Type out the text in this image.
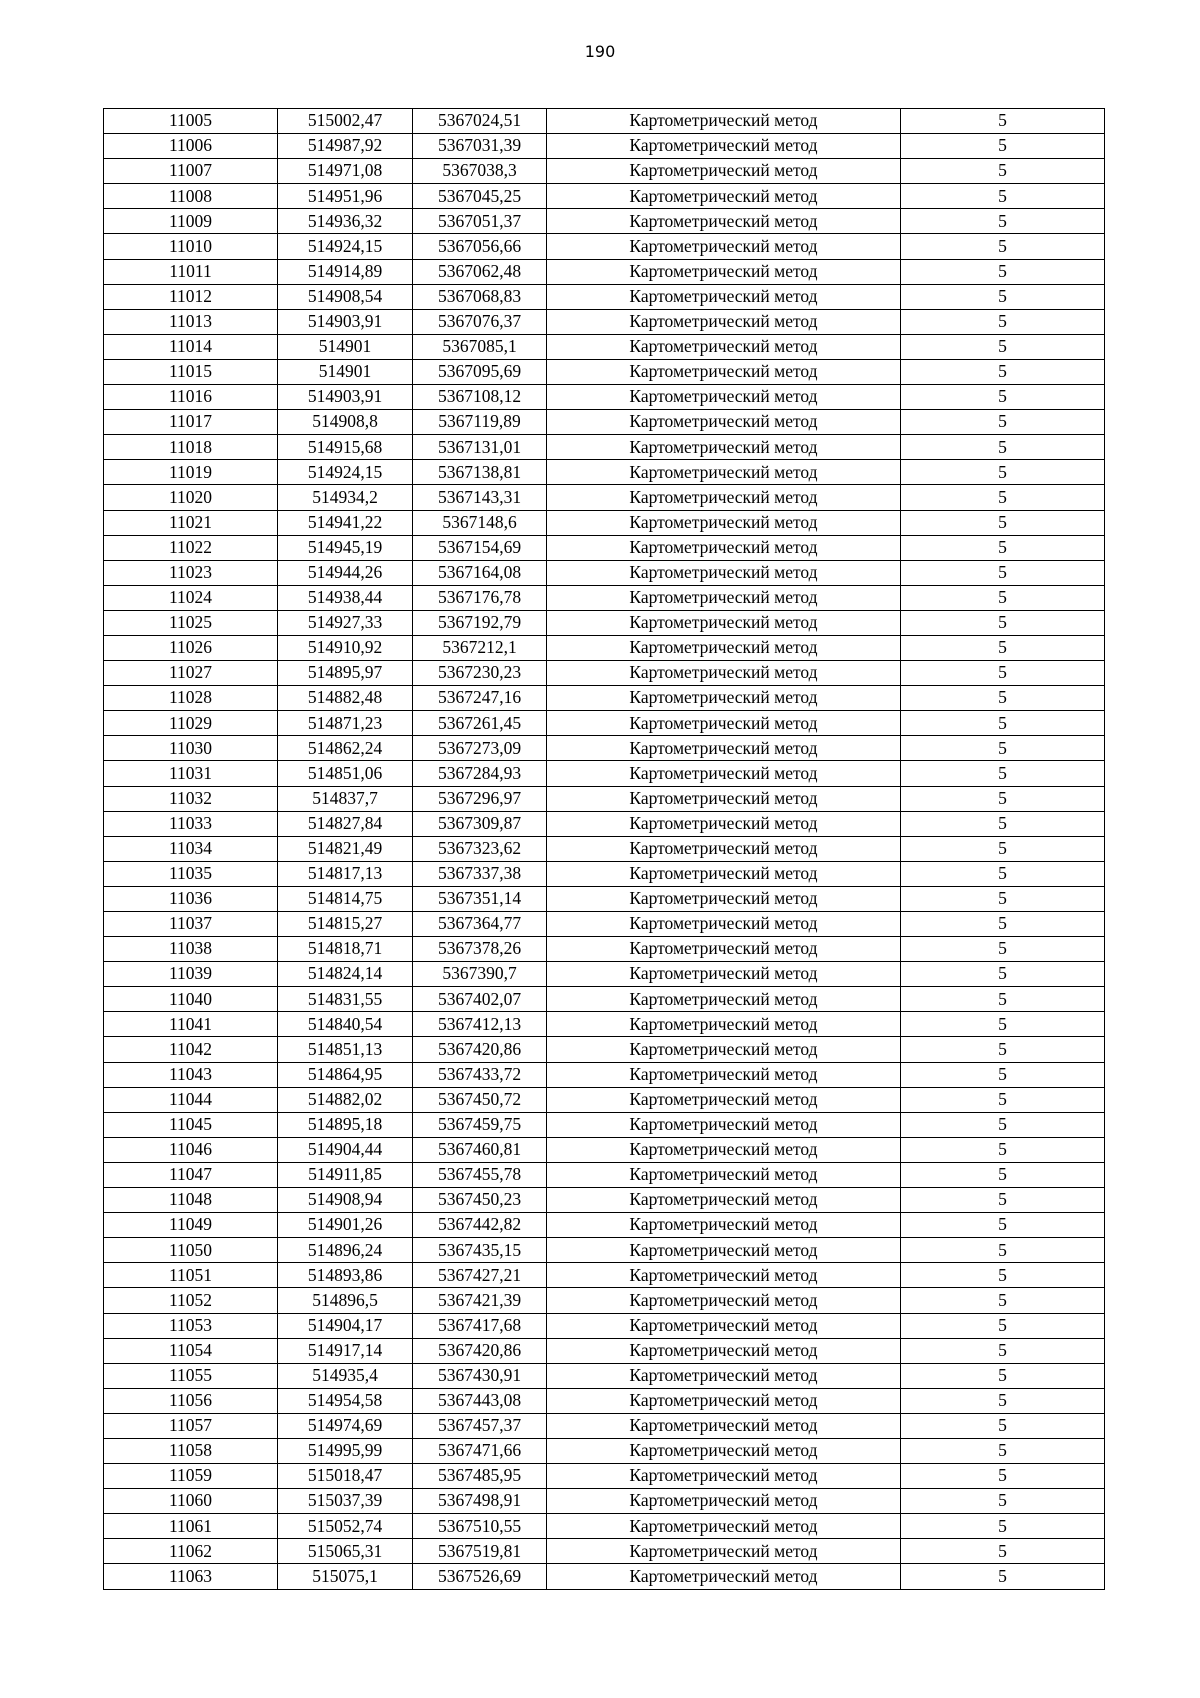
190
11005	515002,47	5367024,51	Картометрический метод	5
11006	514987,92	5367031,39	Картометрический метод	5
11007	514971,08	5367038,3	Картометрический метод	5
11008	514951,96	5367045,25	Картометрический метод	5
11009	514936,32	5367051,37	Картометрический метод	5
11010	514924,15	5367056,66	Картометрический метод	5
11011	514914,89	5367062,48	Картометрический метод	5
11012	514908,54	5367068,83	Картометрический метод	5
11013	514903,91	5367076,37	Картометрический метод	5
11014	514901	5367085,1	Картометрический метод	5
11015	514901	5367095,69	Картометрический метод	5
11016	514903,91	5367108,12	Картометрический метод	5
11017	514908,8	5367119,89	Картометрический метод	5
11018	514915,68	5367131,01	Картометрический метод	5
11019	514924,15	5367138,81	Картометрический метод	5
11020	514934,2	5367143,31	Картометрический метод	5
11021	514941,22	5367148,6	Картометрический метод	5
11022	514945,19	5367154,69	Картометрический метод	5
11023	514944,26	5367164,08	Картометрический метод	5
11024	514938,44	5367176,78	Картометрический метод	5
11025	514927,33	5367192,79	Картометрический метод	5
11026	514910,92	5367212,1	Картометрический метод	5
11027	514895,97	5367230,23	Картометрический метод	5
11028	514882,48	5367247,16	Картометрический метод	5
11029	514871,23	5367261,45	Картометрический метод	5
11030	514862,24	5367273,09	Картометрический метод	5
11031	514851,06	5367284,93	Картометрический метод	5
11032	514837,7	5367296,97	Картометрический метод	5
11033	514827,84	5367309,87	Картометрический метод	5
11034	514821,49	5367323,62	Картометрический метод	5
11035	514817,13	5367337,38	Картометрический метод	5
11036	514814,75	5367351,14	Картометрический метод	5
11037	514815,27	5367364,77	Картометрический метод	5
11038	514818,71	5367378,26	Картометрический метод	5
11039	514824,14	5367390,7	Картометрический метод	5
11040	514831,55	5367402,07	Картометрический метод	5
11041	514840,54	5367412,13	Картометрический метод	5
11042	514851,13	5367420,86	Картометрический метод	5
11043	514864,95	5367433,72	Картометрический метод	5
11044	514882,02	5367450,72	Картометрический метод	5
11045	514895,18	5367459,75	Картометрический метод	5
11046	514904,44	5367460,81	Картометрический метод	5
11047	514911,85	5367455,78	Картометрический метод	5
11048	514908,94	5367450,23	Картометрический метод	5
11049	514901,26	5367442,82	Картометрический метод	5
11050	514896,24	5367435,15	Картометрический метод	5
11051	514893,86	5367427,21	Картометрический метод	5
11052	514896,5	5367421,39	Картометрический метод	5
11053	514904,17	5367417,68	Картометрический метод	5
11054	514917,14	5367420,86	Картометрический метод	5
11055	514935,4	5367430,91	Картометрический метод	5
11056	514954,58	5367443,08	Картометрический метод	5
11057	514974,69	5367457,37	Картометрический метод	5
11058	514995,99	5367471,66	Картометрический метод	5
11059	515018,47	5367485,95	Картометрический метод	5
11060	515037,39	5367498,91	Картометрический метод	5
11061	515052,74	5367510,55	Картометрический метод	5
11062	515065,31	5367519,81	Картометрический метод	5
11063	515075,1	5367526,69	Картометрический метод	5
